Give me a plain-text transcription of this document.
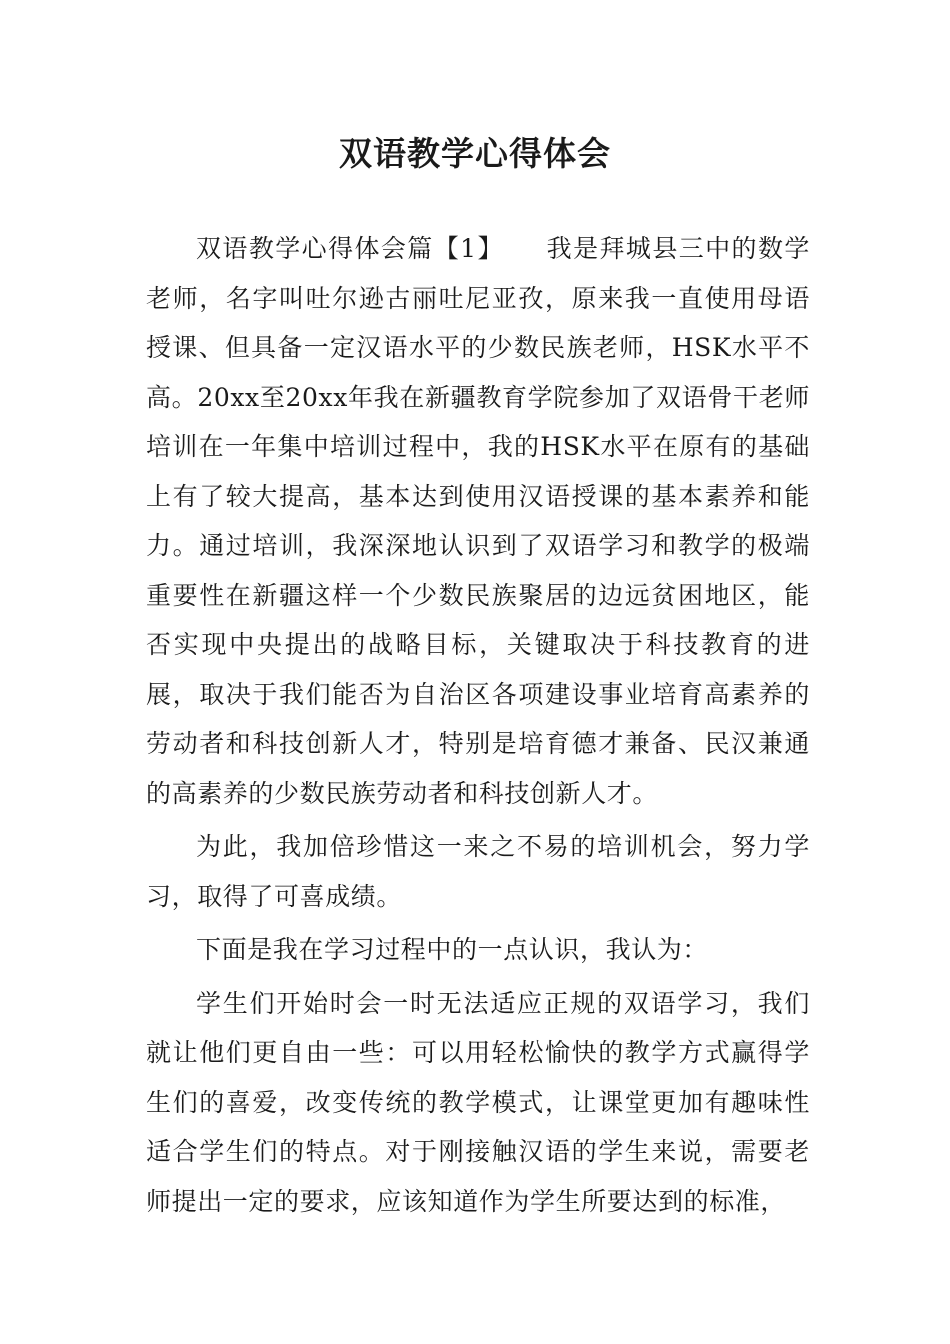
双语教学心得体会

双语教学心得体会篇【1】 我是拜城县三中的数学老师，名字叫吐尔逊古丽吐尼亚孜，原来我一直使用母语授课、但具备一定汉语水平的少数民族老师，HSK水平不高。20xx至20xx年我在新疆教育学院参加了双语骨干老师培训在一年集中培训过程中，我的HSK水平在原有的基础上有了较大提高，基本达到使用汉语授课的基本素养和能力。通过培训，我深深地认识到了双语学习和教学的极端重要性在新疆这样一个少数民族聚居的边远贫困地区，能否实现中央提出的战略目标，关键取决于科技教育的进展，取决于我们能否为自治区各项建设事业培育高素养的劳动者和科技创新人才，特别是培育德才兼备、民汉兼通的高素养的少数民族劳动者和科技创新人才。

为此，我加倍珍惜这一来之不易的培训机会，努力学习，取得了可喜成绩。

下面是我在学习过程中的一点认识，我认为：

学生们开始时会一时无法适应正规的双语学习，我们就让他们更自由一些：可以用轻松愉快的教学方式赢得学生们的喜爱，改变传统的教学模式，让课堂更加有趣味性适合学生们的特点。对于刚接触汉语的学生来说，需要老师提出一定的要求，应该知道作为学生所要达到的标准，
